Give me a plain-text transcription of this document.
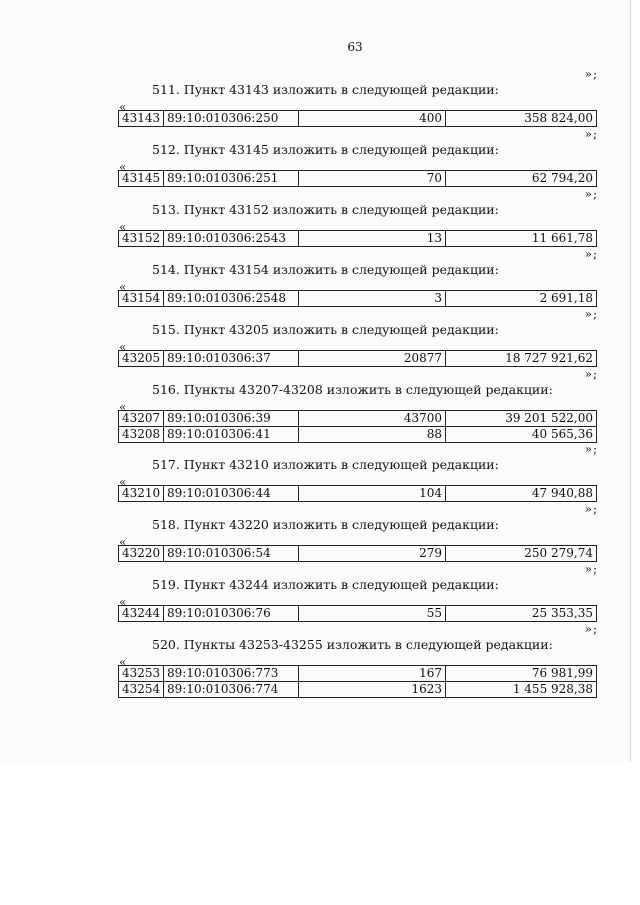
63
»;
511. Пункт 43143 изложить в следующей редакции:
«
43143	89:10:010306:250	400	358 824,00
»;
512. Пункт 43145 изложить в следующей редакции:
«
43145	89:10:010306:251	70	62 794,20
»;
513. Пункт 43152 изложить в следующей редакции:
«
43152	89:10:010306:2543	13	11 661,78
»;
514. Пункт 43154 изложить в следующей редакции:
«
43154	89:10:010306:2548	3	2 691,18
»;
515. Пункт 43205 изложить в следующей редакции:
«
43205	89:10:010306:37	20877	18 727 921,62
»;
516. Пункты 43207-43208 изложить в следующей редакции:
«
43207	89:10:010306:39	43700	39 201 522,00
43208	89:10:010306:41	88	40 565,36
»;
517. Пункт 43210 изложить в следующей редакции:
«
43210	89:10:010306:44	104	47 940,88
»;
518. Пункт 43220 изложить в следующей редакции:
«
43220	89:10:010306:54	279	250 279,74
»;
519. Пункт 43244 изложить в следующей редакции:
«
43244	89:10:010306:76	55	25 353,35
»;
520. Пункты 43253-43255 изложить в следующей редакции:
«
43253	89:10:010306:773	167	76 981,99
43254	89:10:010306:774	1623	1 455 928,38
